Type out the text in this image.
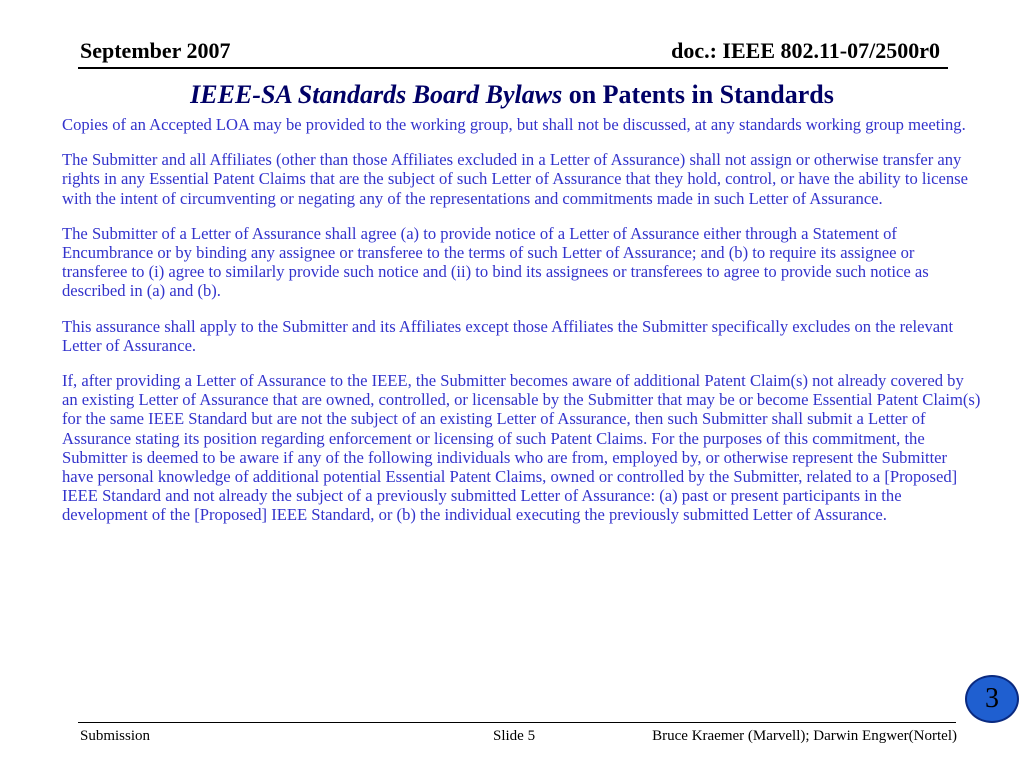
September 2007	doc.: IEEE 802.11-07/2500r0
IEEE-SA Standards Board Bylaws on Patents in Standards

Copies of an Accepted LOA may be provided to the working group, but shall not be discussed, at any standards working group meeting.

The Submitter and all Affiliates (other than those Affiliates excluded in a Letter of Assurance) shall not assign or otherwise transfer any rights in any Essential Patent Claims that are the subject of such Letter of Assurance that they hold, control, or have the ability to license with the intent of circumventing or negating any of the representations and commitments made in such Letter of Assurance.

The Submitter of a Letter of Assurance shall agree (a) to provide notice of a Letter of Assurance either through a Statement of Encumbrance or by binding any assignee or transferee to the terms of such Letter of Assurance; and (b) to require its assignee or transferee to (i) agree to similarly provide such notice and (ii) to bind its assignees or transferees to agree to provide such notice as described in (a) and (b).

This assurance shall apply to the Submitter and its Affiliates except those Affiliates the Submitter specifically excludes on the relevant Letter of Assurance.

If, after providing a Letter of Assurance to the IEEE, the Submitter becomes aware of additional Patent Claim(s) not already covered by an existing Letter of Assurance that are owned, controlled, or licensable by the Submitter that may be or become Essential Patent Claim(s) for the same IEEE Standard but are not the subject of an existing Letter of Assurance, then such Submitter shall submit a Letter of Assurance stating its position regarding enforcement or licensing of such Patent Claims. For the purposes of this commitment, the Submitter is deemed to be aware if any of the following individuals who are from, employed by, or otherwise represent the Submitter have personal knowledge of additional potential Essential Patent Claims, owned or controlled by the Submitter, related to a [Proposed] IEEE Standard and not already the subject of a previously submitted Letter of Assurance: (a) past or present participants in the development of the [Proposed] IEEE Standard, or (b) the individual executing the previously submitted Letter of Assurance.

3
Submission	Slide 5	Bruce Kraemer (Marvell); Darwin Engwer(Nortel)
